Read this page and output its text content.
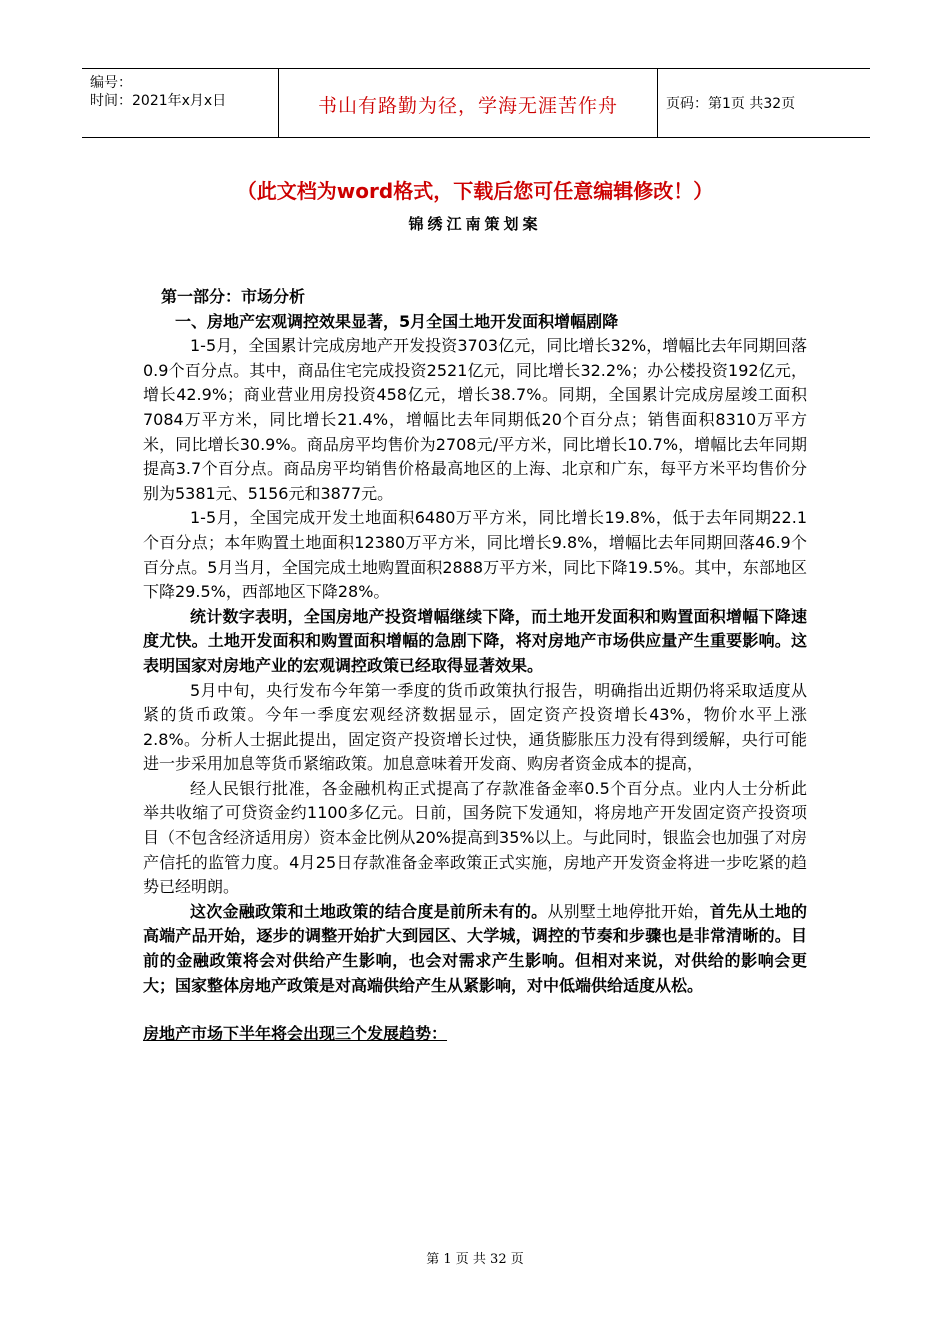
编号：
时间：2021年x月x日	书山有路勤为径，学海无涯苦作舟	页码：第1页 共32页
（此文档为word格式，下载后您可任意编辑修改！）
锦绣江南策划案

第一部分：市场分析

一、房地产宏观调控效果显著，5月全国土地开发面积增幅剧降

1-5月，全国累计完成房地产开发投资3703亿元，同比增长32%，增幅比去年同期回落0.9个百分点。其中，商品住宅完成投资2521亿元，同比增长32.2%；办公楼投资192亿元，增长42.9%；商业营业用房投资458亿元，增长38.7%。同期，全国累计完成房屋竣工面积7084万平方米，同比增长21.4%，增幅比去年同期低20个百分点；销售面积8310万平方米，同比增长30.9%。商品房平均售价为2708元/平方米，同比增长10.7%，增幅比去年同期提高3.7个百分点。商品房平均销售价格最高地区的上海、北京和广东，每平方米平均售价分别为5381元、5156元和3877元。

1-5月，全国完成开发土地面积6480万平方米，同比增长19.8%，低于去年同期22.1个百分点；本年购置土地面积12380万平方米，同比增长9.8%，增幅比去年同期回落46.9个百分点。5月当月，全国完成土地购置面积2888万平方米，同比下降19.5%。其中，东部地区下降29.5%，西部地区下降28%。

统计数字表明，全国房地产投资增幅继续下降，而土地开发面积和购置面积增幅下降速度尤快。土地开发面积和购置面积增幅的急剧下降，将对房地产市场供应量产生重要影响。这表明国家对房地产业的宏观调控政策已经取得显著效果。

5月中旬，央行发布今年第一季度的货币政策执行报告，明确指出近期仍将采取适度从紧的货币政策。今年一季度宏观经济数据显示，固定资产投资增长43%，物价水平上涨2.8%。分析人士据此提出，固定资产投资增长过快，通货膨胀压力没有得到缓解，央行可能进一步采用加息等货币紧缩政策。加息意味着开发商、购房者资金成本的提高，

经人民银行批准，各金融机构正式提高了存款准备金率0.5个百分点。业内人士分析此举共收缩了可贷资金约1100多亿元。日前，国务院下发通知，将房地产开发固定资产投资项目（不包含经济适用房）资本金比例从20%提高到35%以上。与此同时，银监会也加强了对房产信托的监管力度。4月25日存款准备金率政策正式实施，房地产开发资金将进一步吃紧的趋势已经明朗。

这次金融政策和土地政策的结合度是前所未有的。从别墅土地停批开始，首先从土地的高端产品开始，逐步的调整开始扩大到园区、大学城，调控的节奏和步骤也是非常清晰的。目前的金融政策将会对供给产生影响，也会对需求产生影响。但相对来说，对供给的影响会更大；国家整体房地产政策是对高端供给产生从紧影响，对中低端供给适度从松。

房地产市场下半年将会出现三个发展趋势：

第 1 页 共 32 页
